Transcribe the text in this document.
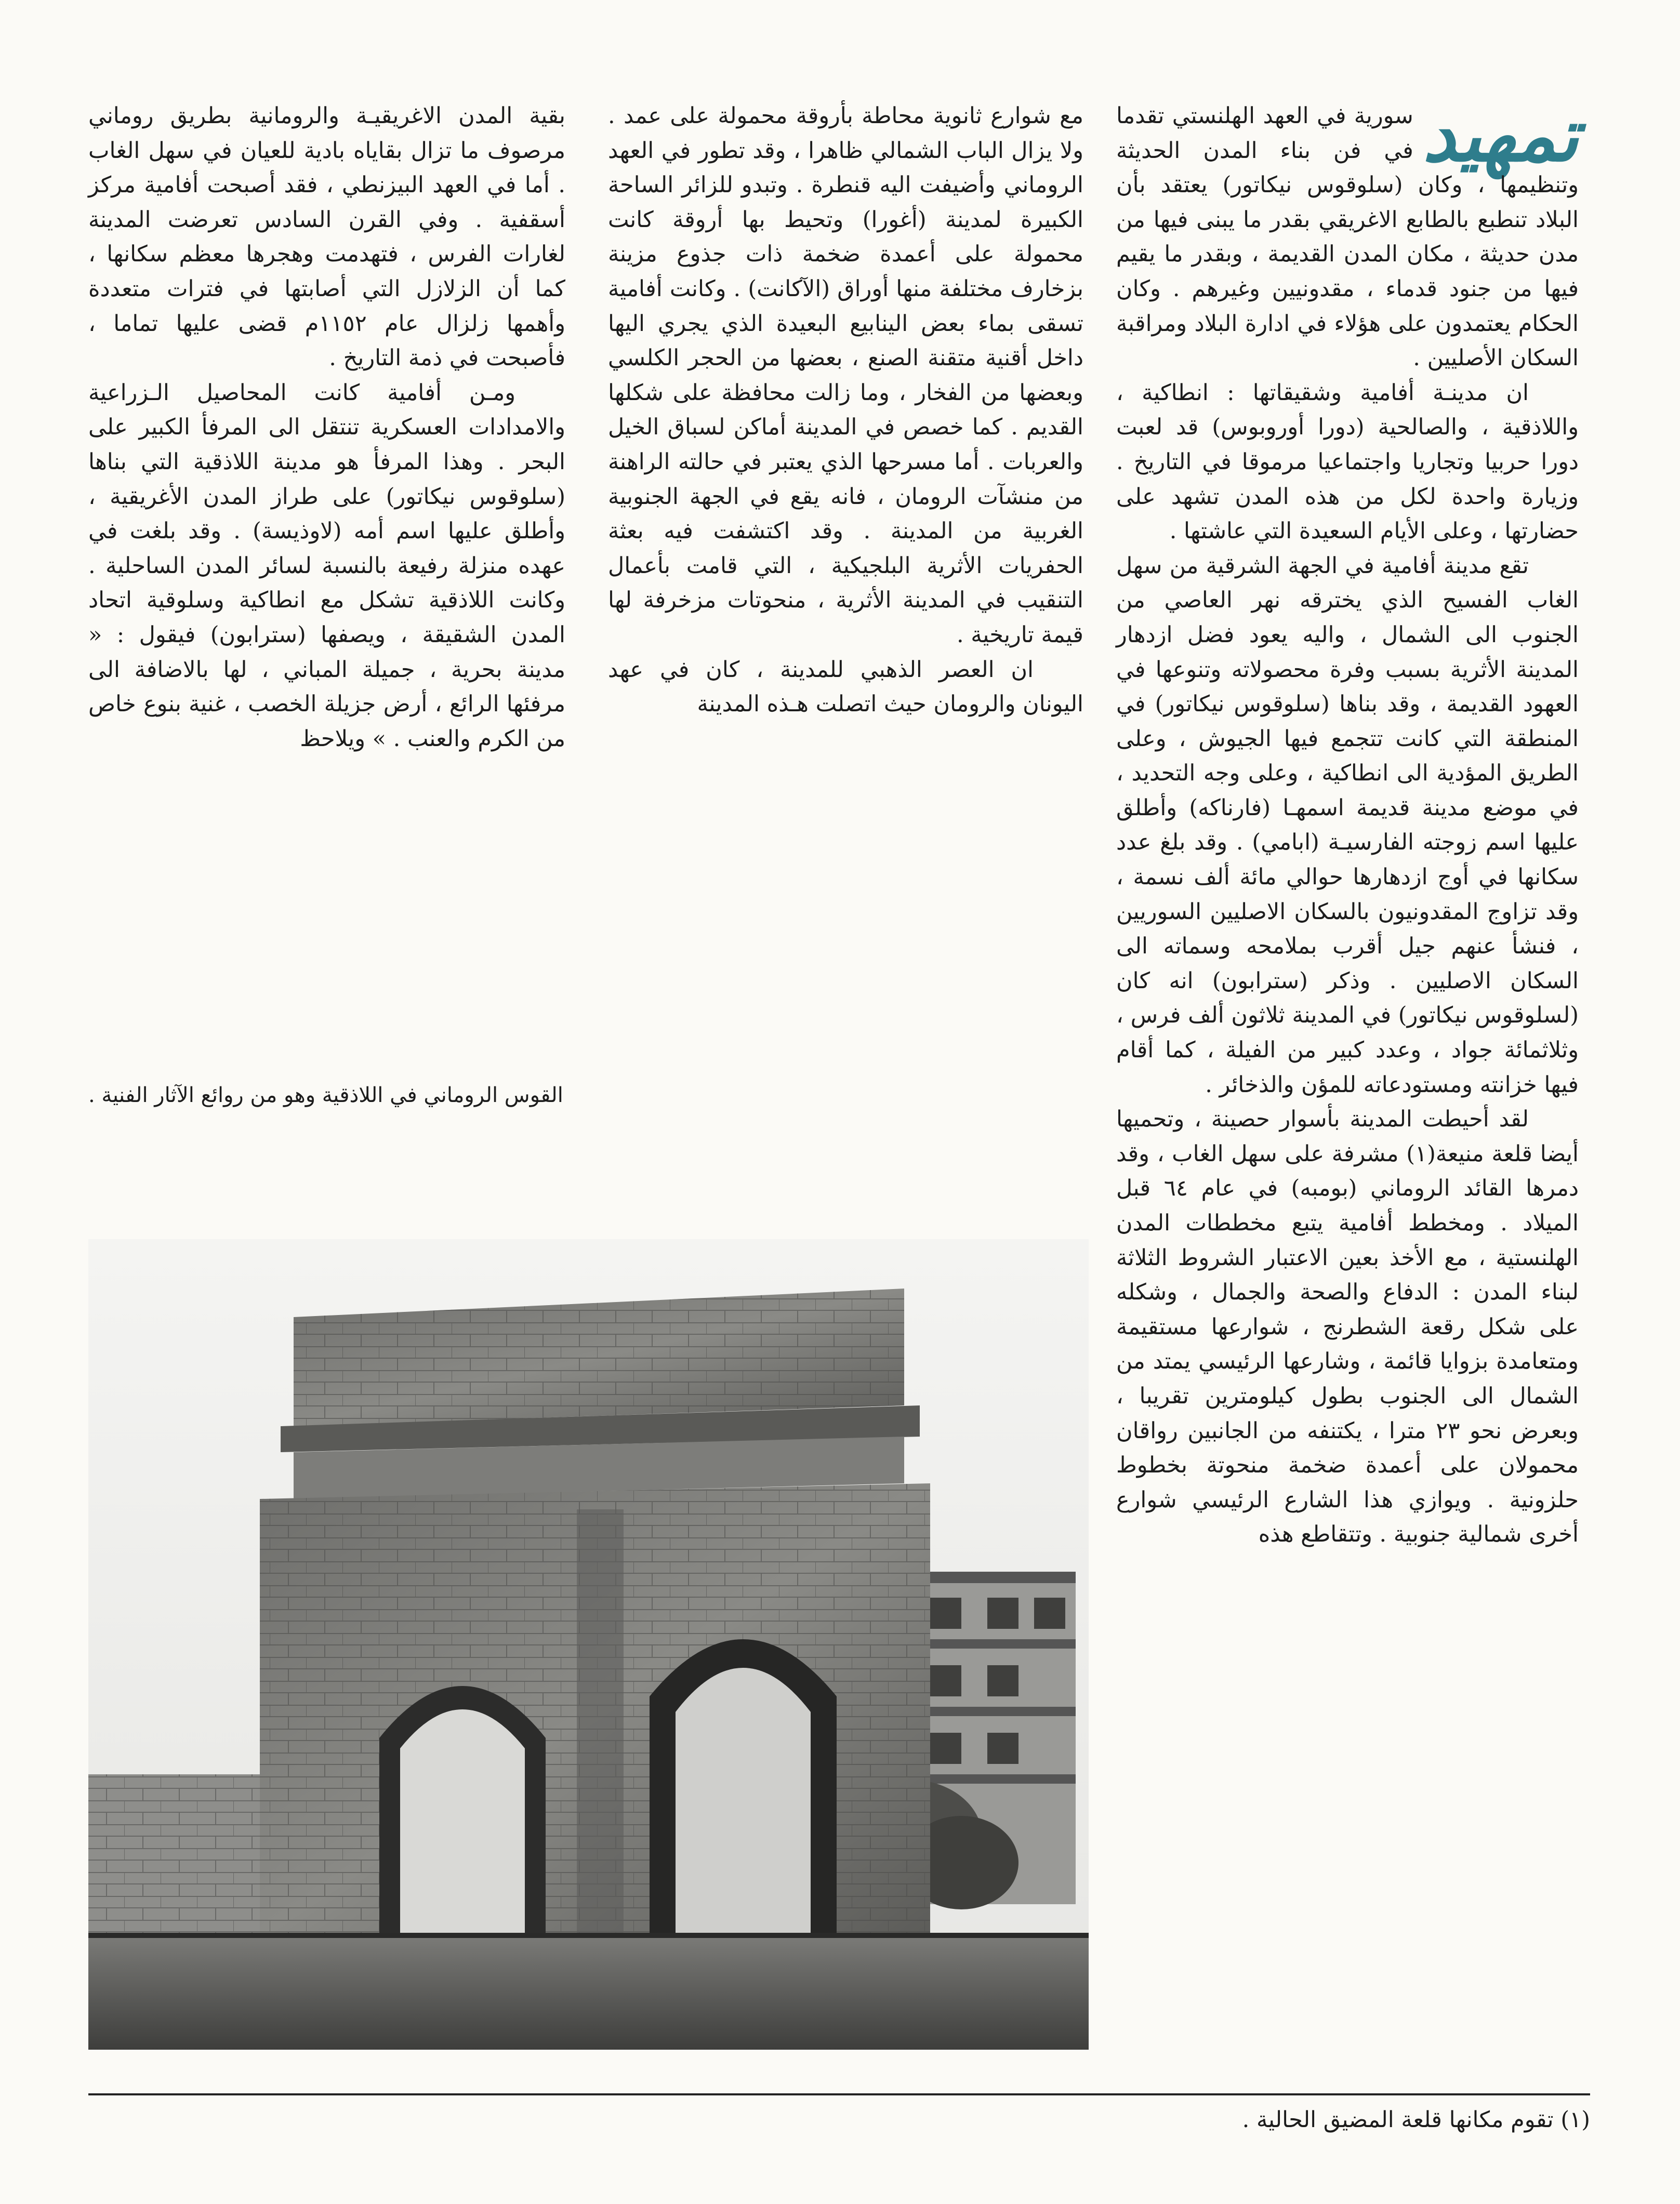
تمهيد

سورية في العهد الهلنستي تقدما في فن بناء المدن الحديثة وتنظيمها ، وكان (سلوقوس نيكاتور) يعتقد بأن البلاد تنطبع بالطابع الاغريقي بقدر ما يبنى فيها من مدن حديثة ، مكان المدن القديمة ، وبقدر ما يقيم فيها من جنود قدماء ، مقدونيين وغيرهم . وكان الحكام يعتمدون على هؤلاء في ادارة البلاد ومراقبة السكان الأصليين .

ان مدينـة أفامية وشقيقاتها : انطاكية ، واللاذقية ، والصالحية (دورا أوروبوس) قد لعبت دورا حربيا وتجاريا واجتماعيا مرموقا في التاريخ . وزيارة واحدة لكل من هذه المدن تشهد على حضارتها ، وعلى الأيام السعيدة التي عاشتها .

تقع مدينة أفامية في الجهة الشرقية من سهل الغاب الفسيح الذي يخترقه نهر العاصي من الجنوب الى الشمال ، واليه يعود فضل ازدهار المدينة الأثرية بسبب وفرة محصولاته وتنوعها في العهود القديمة ، وقد بناها (سلوقوس نيكاتور) في المنطقة التي كانت تتجمع فيها الجيوش ، وعلى الطريق المؤدية الى انطاكية ، وعلى وجه التحديد ، في موضع مدينة قديمة اسمهـا (فارناكه) وأطلق عليها اسم زوجته الفارسيـة (ابامي) . وقد بلغ عدد سكانها في أوج ازدهارها حوالي مائة ألف نسمة ، وقد تزاوج المقدونيون بالسكان الاصليين السوريين ، فنشأ عنهم جيل أقرب بملامحه وسماته الى السكان الاصليين . وذكر (سترابون) انه كان (لسلوقوس نيكاتور) في المدينة ثلاثون ألف فرس ، وثلاثمائة جواد ، وعدد كبير من الفيلة ، كما أقام فيها خزانته ومستودعاته للمؤن والذخائر .

لقد أحيطت المدينة بأسوار حصينة ، وتحميها أيضا قلعة منيعة(١) مشرفة على سهل الغاب ، وقد دمرها القائد الروماني (بومبه) في عام ٦٤ قبل الميلاد . ومخطط أفامية يتبع مخططات المدن الهلنستية ، مع الأخذ بعين الاعتبار الشروط الثلاثة لبناء المدن : الدفاع والصحة والجمال ، وشكله على شكل رقعة الشطرنج ، شوارعها مستقيمة ومتعامدة بزوايا قائمة ، وشارعها الرئيسي يمتد من الشمال الى الجنوب بطول كيلومترين تقريبا ، وبعرض نحو ٢٣ مترا ، يكتنفه من الجانبين رواقان محمولان على أعمدة ضخمة منحوتة بخطوط حلزونية . ويوازي هذا الشارع الرئيسي شوارع أخرى شمالية جنوبية . وتتقاطع هذه

مع شوارع ثانوية محاطة بأروقة محمولة على عمد . ولا يزال الباب الشمالي ظاهرا ، وقد تطور في العهد الروماني وأضيفت اليه قنطرة . وتبدو للزائر الساحة الكبيرة لمدينة (أغورا) وتحيط بها أروقة كانت محمولة على أعمدة ضخمة ذات جذوع مزينة بزخارف مختلفة منها أوراق (الآكانت) . وكانت أفامية تسقى بماء بعض الينابيع البعيدة الذي يجري اليها داخل أقنية متقنة الصنع ، بعضها من الحجر الكلسي وبعضها من الفخار ، وما زالت محافظة على شكلها القديم . كما خصص في المدينة أماكن لسباق الخيل والعربات . أما مسرحها الذي يعتبر في حالته الراهنة من منشآت الرومان ، فانه يقع في الجهة الجنوبية الغربية من المدينة . وقد اكتشفت فيه بعثة الحفريات الأثرية البلجيكية ، التي قامت بأعمال التنقيب في المدينة الأثرية ، منحوتات مزخرفة لها قيمة تاريخية .

ان العصر الذهبي للمدينة ، كان في عهد اليونان والرومان حيث اتصلت هـذه المدينة

بقية المدن الاغريقيـة والرومانية بطريق روماني مرصوف ما تزال بقاياه بادية للعيان في سهل الغاب . أما في العهد البيزنطي ، فقد أصبحت أفامية مركز أسقفية . وفي القرن السادس تعرضت المدينة لغارات الفرس ، فتهدمت وهجرها معظم سكانها ، كما أن الزلازل التي أصابتها في فترات متعددة وأهمها زلزال عام ١١٥٢م قضى عليها تماما ، فأصبحت في ذمة التاريخ .

ومـن أفامية كانت المحاصيل الـزراعية والامدادات العسكرية تنتقل الى المرفأ الكبير على البحر . وهذا المرفأ هو مدينة اللاذقية التي بناها (سلوقوس نيكاتور) على طراز المدن الأغريقية ، وأطلق عليها اسم أمه (لاوذيسة) . وقد بلغت في عهده منزلة رفيعة بالنسبة لسائر المدن الساحلية . وكانت اللاذقية تشكل مع انطاكية وسلوقية اتحاد المدن الشقيقة ، ويصفها (سترابون) فيقول : « مدينة بحرية ، جميلة المباني ، لها بالاضافة الى مرفئها الرائع ، أرض جزيلة الخصب ، غنية بنوع خاص من الكرم والعنب . » ويلاحظ

القوس الروماني في اللاذقية وهو من روائع الآثار الفنية .

(١) تقوم مكانها قلعة المضيق الحالية .
